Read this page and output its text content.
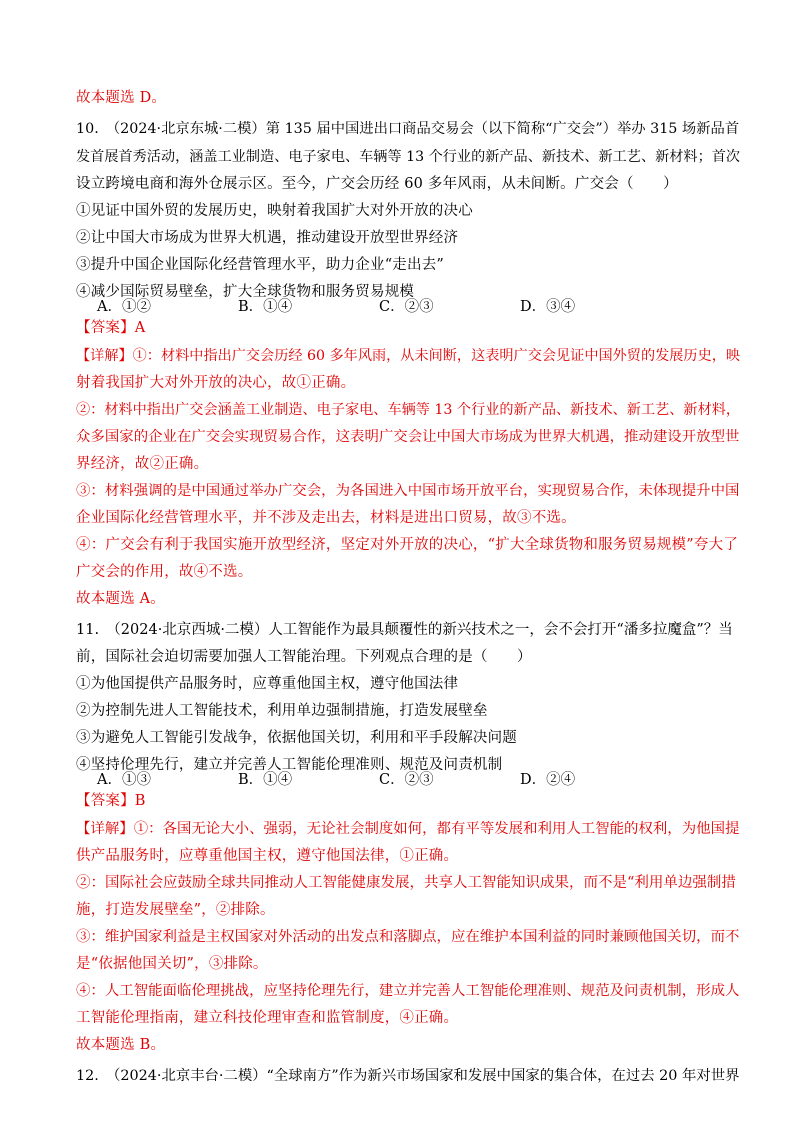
故本题选 D。
10.　（2024·北京东城·二模）第 135 届中国进出口商品交易会（以下简称“广交会”）举办 315 场新品首
发首展首秀活动，涵盖工业制造、电子家电、车辆等 13 个行业的新产品、新技术、新工艺、新材料；首次
设立跨境电商和海外仓展示区。至今，广交会历经 60 多年风雨，从未间断。广交会（　　）
①见证中国外贸的发展历史，映射着我国扩大对外开放的决心
②让中国大市场成为世界大机遇，推动建设开放型世界经济
③提升中国企业国际化经营管理水平，助力企业“走出去”
④减少国际贸易壁垒，扩大全球货物和服务贸易规模
【答案】A
【详解】①：材料中指出广交会历经 60 多年风雨，从未间断，这表明广交会见证中国外贸的发展历史，映
射着我国扩大对外开放的决心，故①正确。
②：材料中指出广交会涵盖工业制造、电子家电、车辆等 13 个行业的新产品、新技术、新工艺、新材料，
众多国家的企业在广交会实现贸易合作，这表明广交会让中国大市场成为世界大机遇，推动建设开放型世
界经济，故②正确。
③：材料强调的是中国通过举办广交会，为各国进入中国市场开放平台，实现贸易合作，未体现提升中国
企业国际化经营管理水平，并不涉及走出去，材料是进出口贸易，故③不选。
④：广交会有利于我国实施开放型经济，坚定对外开放的决心，“扩大全球货物和服务贸易规模”夸大了
广交会的作用，故④不选。
故本题选 A。
11.　（2024·北京西城·二模）人工智能作为最具颠覆性的新兴技术之一，会不会打开“潘多拉魔盒”？当
前，国际社会迫切需要加强人工智能治理。下列观点合理的是（　　）
①为他国提供产品服务时，应尊重他国主权，遵守他国法律
②为控制先进人工智能技术，利用单边强制措施，打造发展壁垒
③为避免人工智能引发战争，依据他国关切，利用和平手段解决问题
④坚持伦理先行，建立并完善人工智能伦理准则、规范及问责机制
【答案】B
【详解】①：各国无论大小、强弱，无论社会制度如何，都有平等发展和利用人工智能的权利，为他国提
供产品服务时，应尊重他国主权，遵守他国法律，①正确。
②：国际社会应鼓励全球共同推动人工智能健康发展，共享人工智能知识成果，而不是“利用单边强制措
施，打造发展壁垒”，②排除。
③：维护国家利益是主权国家对外活动的出发点和落脚点，应在维护本国利益的同时兼顾他国关切，而不
是“依据他国关切”，③排除。
④：人工智能面临伦理挑战，应坚持伦理先行，建立并完善人工智能伦理准则、规范及问责机制，形成人
工智能伦理指南，建立科技伦理审查和监管制度，④正确。
故本题选 B。
12.　（2024·北京丰台·二模）“全球南方”作为新兴市场国家和发展中国家的集合体，在过去 20 年对世界
A．①②	B．①④	C．②③	D．③④
A．①③	B．①④	C．②③	D．②④
